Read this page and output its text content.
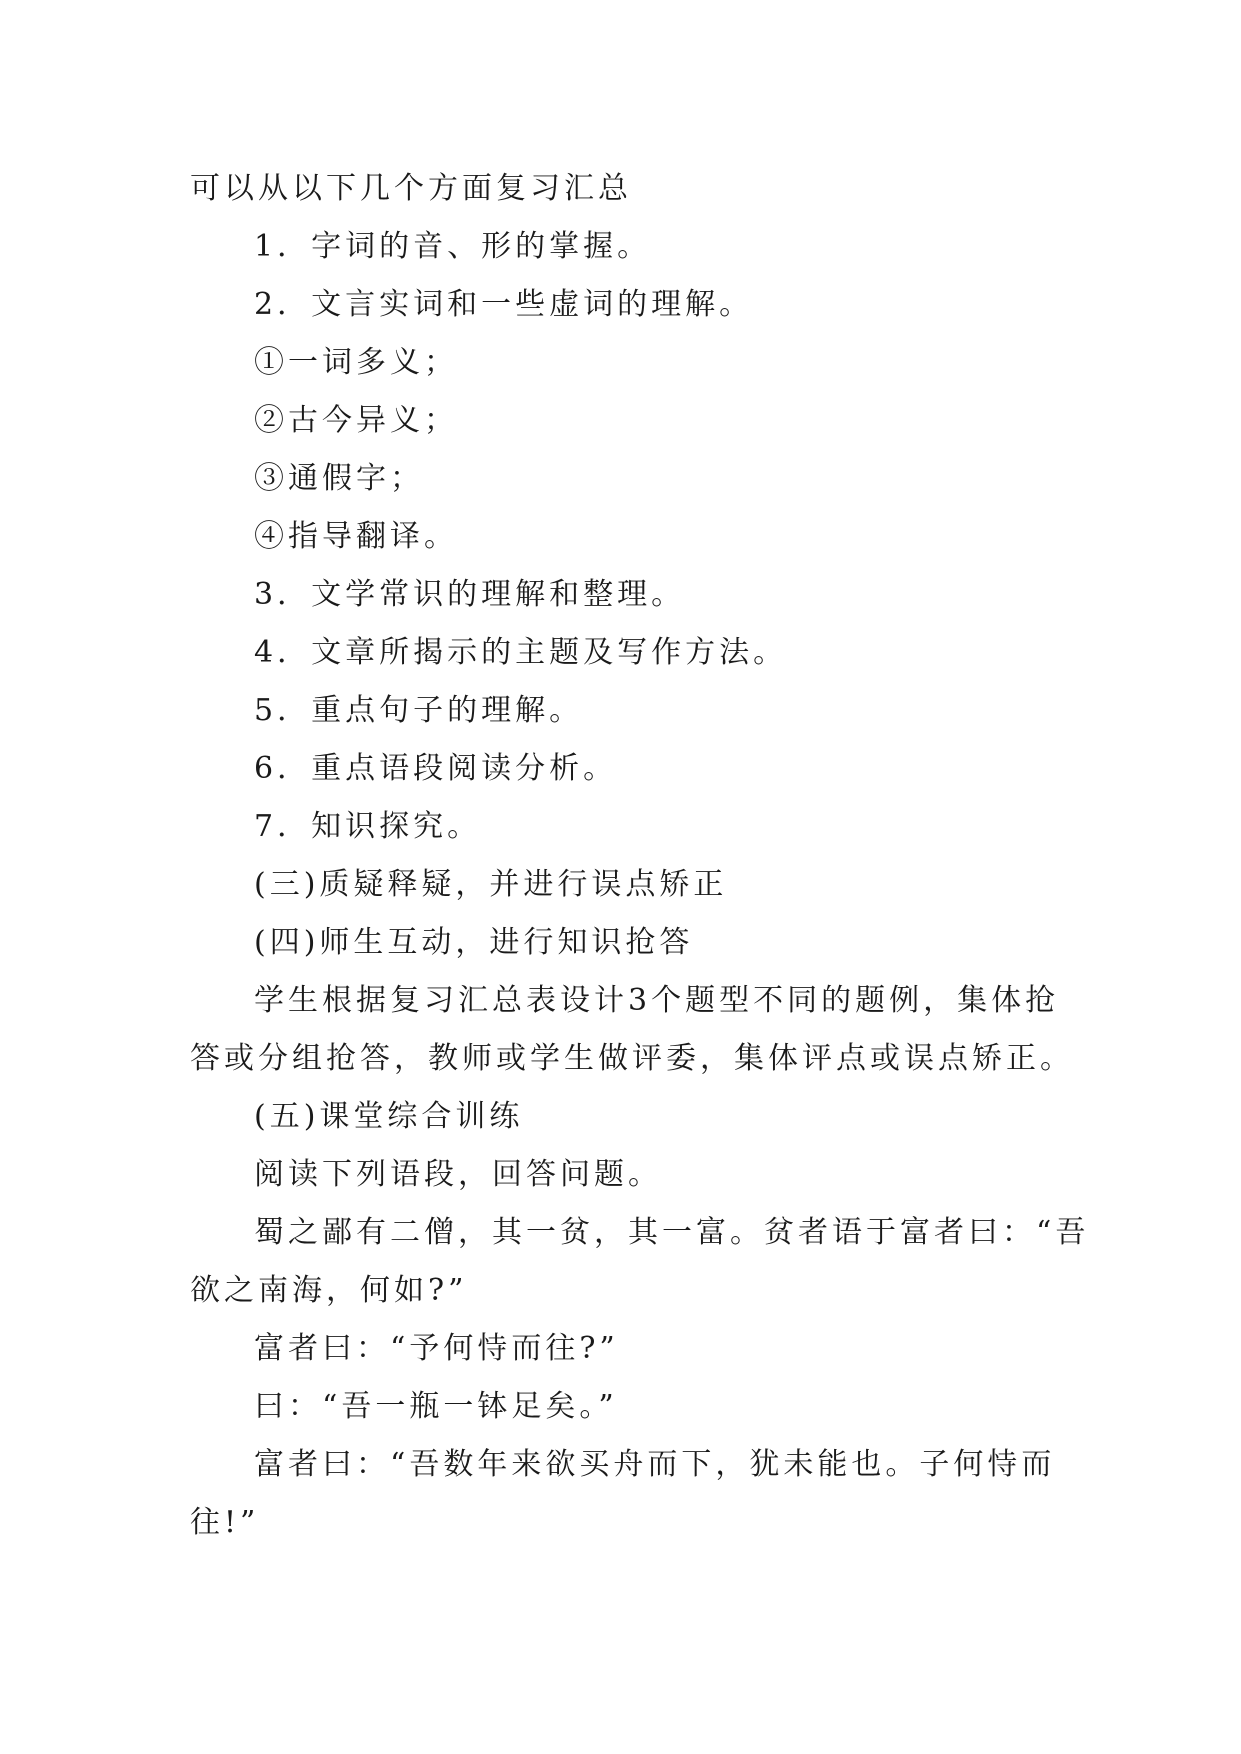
可以从以下几个方面复习汇总
1．字词的音、形的掌握。
2．文言实词和一些虚词的理解。
①一词多义；
②古今异义；
③通假字；
④指导翻译。
3．文学常识的理解和整理。
4．文章所揭示的主题及写作方法。
5．重点句子的理解。
6．重点语段阅读分析。
7．知识探究。
(三)质疑释疑，并进行误点矫正
(四)师生互动，进行知识抢答
学生根据复习汇总表设计3个题型不同的题例，集体抢
答或分组抢答，教师或学生做评委，集体评点或误点矫正。
(五)课堂综合训练
阅读下列语段，回答问题。
蜀之鄙有二僧，其一贫，其一富。贫者语于富者曰：“吾
欲之南海，何如?”
富者曰：“予何恃而往?”
曰：“吾一瓶一钵足矣。”
富者曰：“吾数年来欲买舟而下，犹未能也。子何恃而
往!”
